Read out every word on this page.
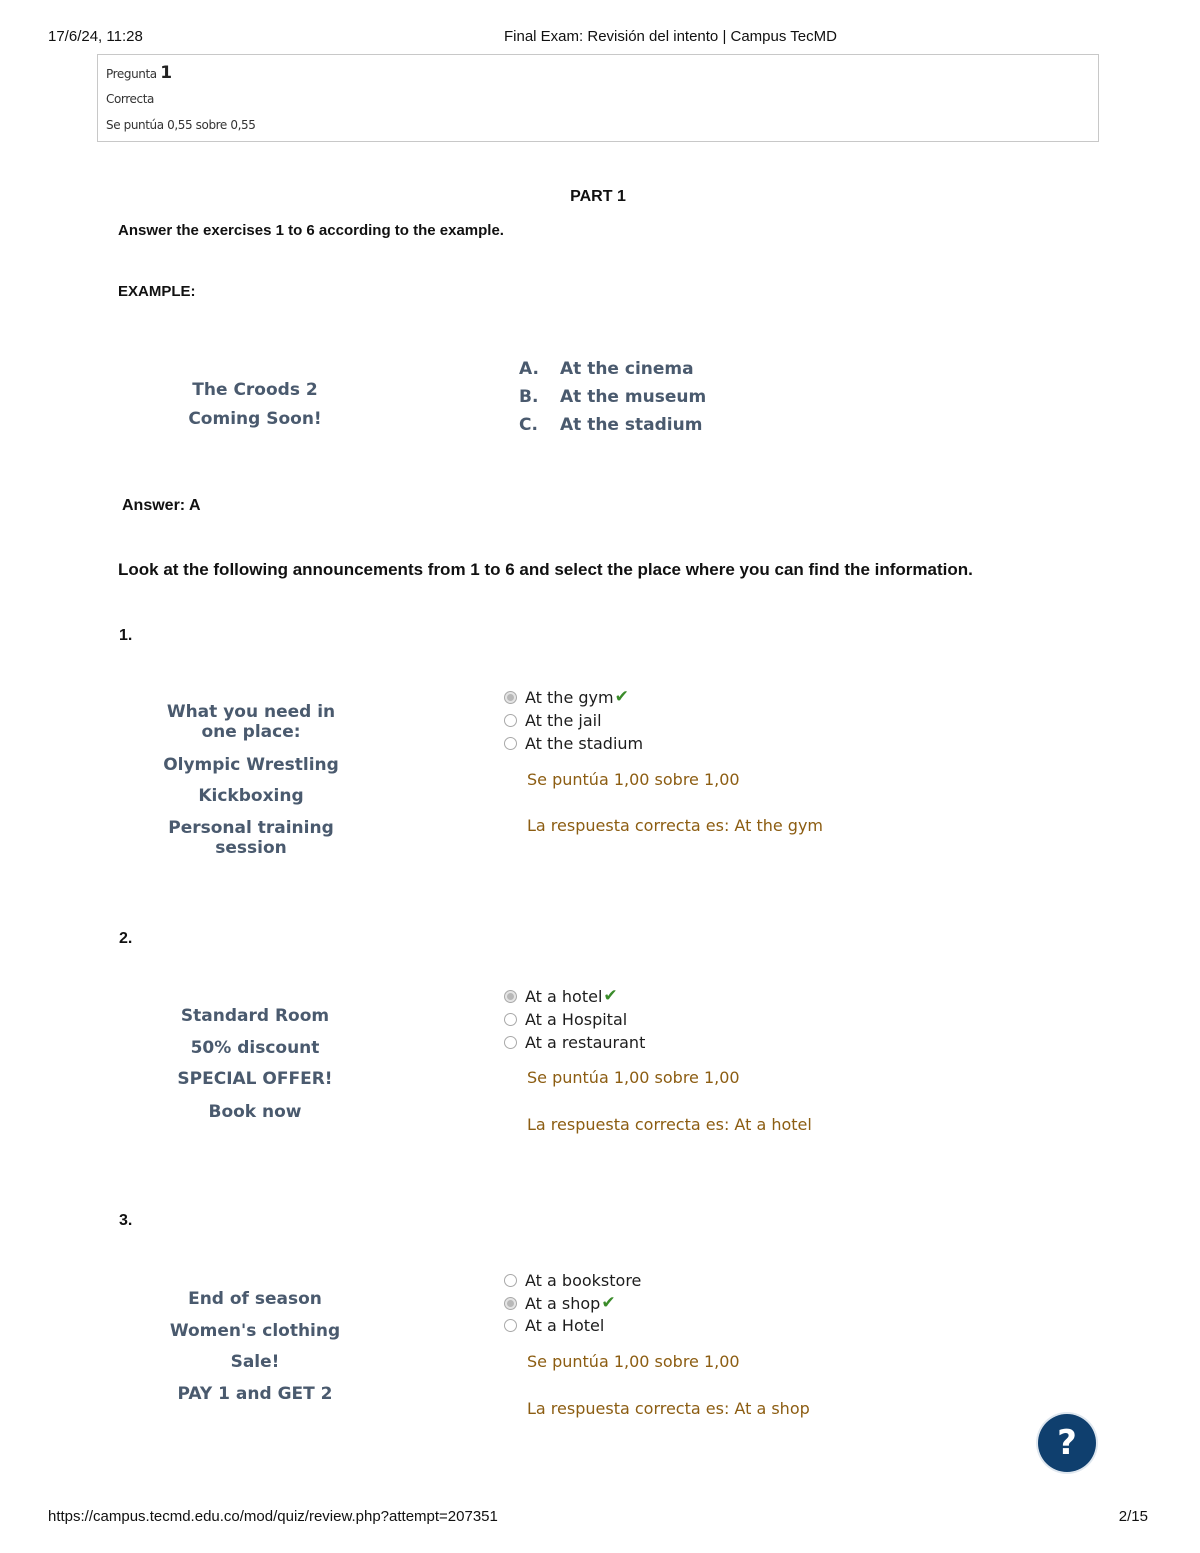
17/6/24, 11:28	Final Exam: Revisión del intento | Campus TecMD
Pregunta 1
Correcta
Se puntúa 0,55 sobre 0,55
PART 1
Answer the exercises 1 to 6 according to the example.
EXAMPLE:
The Croods 2
Coming Soon!
A. At the cinema
B. At the museum
C. At the stadium
Answer: A
Look at the following announcements from 1 to 6 and select the place where you can find the information.
1.
What you need in one place:
Olympic Wrestling
Kickboxing
Personal training session
At the gym ✔
At the jail
At the stadium
Se puntúa 1,00 sobre 1,00
La respuesta correcta es: At the gym
2.
Standard Room
50% discount
SPECIAL OFFER!
Book now
At a hotel ✔
At a Hospital
At a restaurant
Se puntúa 1,00 sobre 1,00
La respuesta correcta es: At a hotel
3.
End of season
Women's clothing
Sale!
PAY 1 and GET 2
At a bookstore
At a shop ✔
At a Hotel
Se puntúa 1,00 sobre 1,00
La respuesta correcta es: At a shop
?
https://campus.tecmd.edu.co/mod/quiz/review.php?attempt=207351	2/15
